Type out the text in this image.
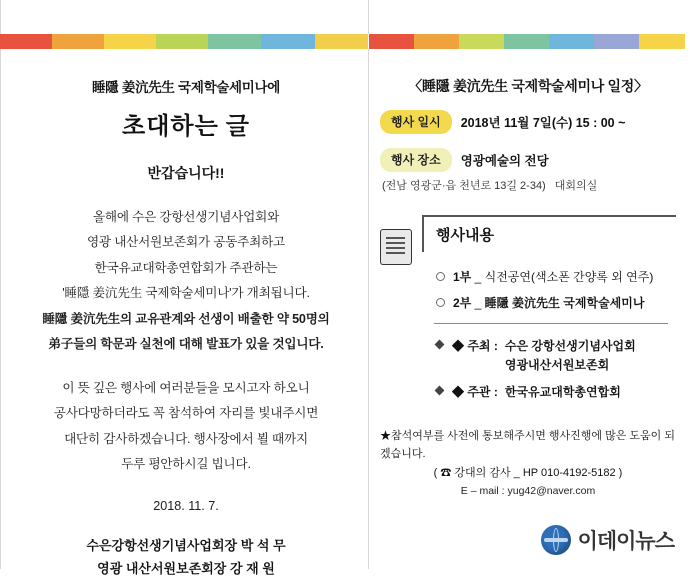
睡隱 姜沆先生 국제학술세미나에
초대하는 글
반갑습니다!!
올해에 수은 강항선생기념사업회와
영광 내산서원보존회가 공동주최하고
한국유교대학총연합회가 주관하는
'睡隱 姜沆先生 국제학술세미나'가 개최됩니다.
睡隱 姜沆先生의 교유관계와 선생이 배출한 약 50명의
弟子들의 학문과 실천에 대해 발표가 있을 것입니다.
이 뜻 깊은 행사에 여러분들을 모시고자 하오니
공사다망하더라도 꼭 참석하여 자리를 빛내주시면
대단히 감사하겠습니다. 행사장에서 뵐 때까지
두루 평안하시길 빕니다.
2018. 11. 7.
수은강항선생기념사업회장 박 석 무
영광 내산서원보존회장 강 재 원
〈睡隱 姜沆先生 국제학술세미나 일정〉
행사 일시	2018년 11월 7일(수) 15 : 00 ~
행사 장소	영광예술의 전당
(전남 영광군·읍 천년로 13길 2-34) 대회의실
행사내용
1부 _ 식전공연(색소폰 간양록 외 연주)
2부 _ 睡隱 姜沆先生 국제학술세미나
◆ 주최 : 수은 강항선생기념사업회
영광내산서원보존회
◆ 주관 : 한국유교대학총연합회
★참석여부를 사전에 통보해주시면 행사진행에 많은 도움이 되겠습니다.
( ☎ 강대의 감사 _ HP 010-4192-5182 )
E – mail : yug42@naver.com
이데이뉴스
